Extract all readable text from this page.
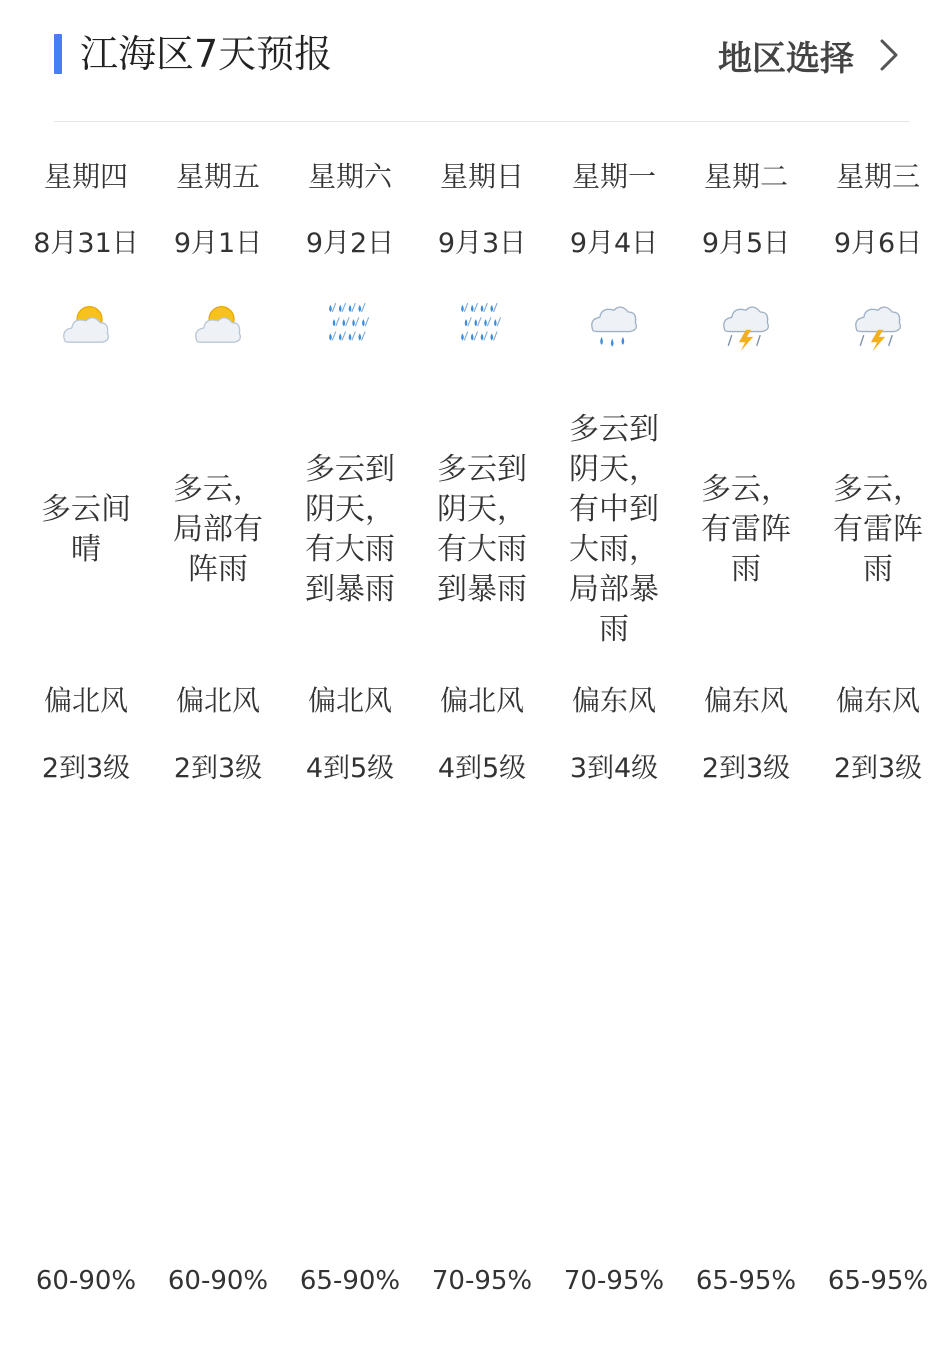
江海区7天预报	地区选择
星期四
8月31日
多云间晴
偏北风
2到3级
60-90%
星期五
9月1日
多云，局部有阵雨
偏北风
2到3级
60-90%
星期六
9月2日
多云到阴天，有大雨到暴雨
偏北风
4到5级
65-90%
星期日
9月3日
多云到阴天，有大雨到暴雨
偏北风
4到5级
70-95%
星期一
9月4日
多云到阴天，有中到大雨，局部暴雨
偏东风
3到4级
70-95%
星期二
9月5日
多云，有雷阵雨
偏东风
2到3级
65-95%
星期三
9月6日
多云，有雷阵雨
偏东风
2到3级
65-95%
